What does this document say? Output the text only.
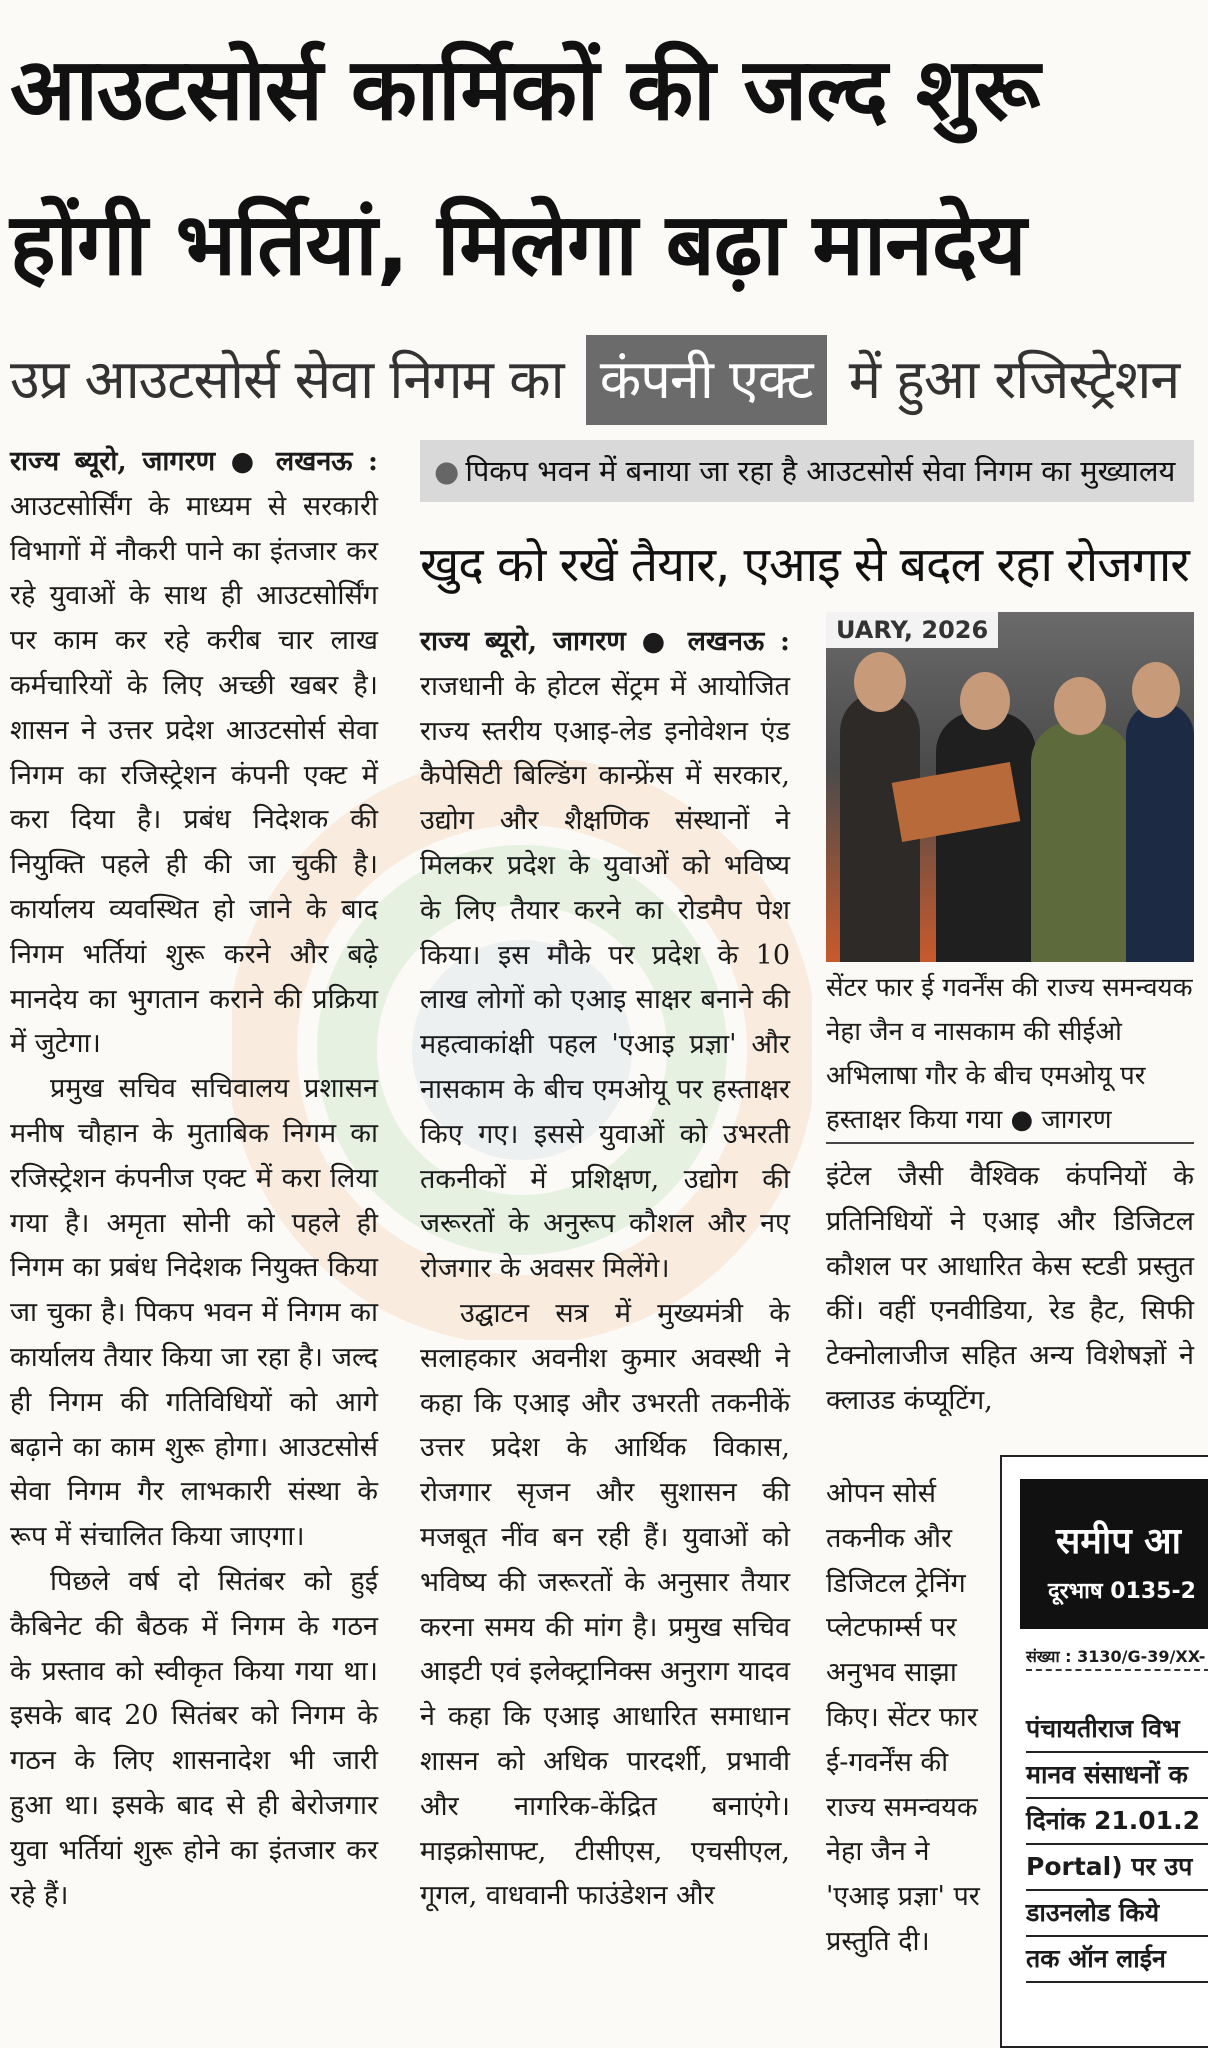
आउटसोर्स कार्मिकों की जल्द शुरू
होंगी भर्तियां, मिलेगा बढ़ा मानदेय
उप्र आउटसोर्स सेवा निगम का कंपनी एक्ट में हुआ रजिस्ट्रेशन

राज्य ब्यूरो, जागरण ● लखनऊ : आउटसोर्सिंग के माध्यम से सरकारी विभागों में नौकरी पाने का इंतजार कर रहे युवाओं के साथ ही आउटसोर्सिंग पर काम कर रहे करीब चार लाख कर्मचारियों के लिए अच्छी खबर है। शासन ने उत्तर प्रदेश आउटसोर्स सेवा निगम का रजिस्ट्रेशन कंपनी एक्ट में करा दिया है। प्रबंध निदेशक की नियुक्ति पहले ही की जा चुकी है। कार्यालय व्यवस्थित हो जाने के बाद निगम भर्तियां शुरू करने और बढ़े मानदेय का भुगतान कराने की प्रक्रिया में जुटेगा।

प्रमुख सचिव सचिवालय प्रशासन मनीष चौहान के मुताबिक निगम का रजिस्ट्रेशन कंपनीज एक्ट में करा लिया गया है। अमृता सोनी को पहले ही निगम का प्रबंध निदेशक नियुक्त किया जा चुका है। पिकप भवन में निगम का कार्यालय तैयार किया जा रहा है। जल्द ही निगम की गतिविधियों को आगे बढ़ाने का काम शुरू होगा। आउटसोर्स सेवा निगम गैर लाभकारी संस्था के रूप में संचालित किया जाएगा।

पिछले वर्ष दो सितंबर को हुई कैबिनेट की बैठक में निगम के गठन के प्रस्ताव को स्वीकृत किया गया था। इसके बाद 20 सितंबर को निगम के गठन के लिए शासनादेश भी जारी हुआ था। इसके बाद से ही बेरोजगार युवा भर्तियां शुरू होने का इंतजार कर रहे हैं।

● पिकप भवन में बनाया जा रहा है आउटसोर्स सेवा निगम का मुख्यालय
खुद को रखें तैयार, एआइ से बदल रहा रोजगार

राज्य ब्यूरो, जागरण ● लखनऊ : राजधानी के होटल सेंट्रम में आयोजित राज्य स्तरीय एआइ-लेड इनोवेशन एंड कैपेसिटी बिल्डिंग कान्फ्रेंस में सरकार, उद्योग और शैक्षणिक संस्थानों ने मिलकर प्रदेश के युवाओं को भविष्य के लिए तैयार करने का रोडमैप पेश किया। इस मौके पर प्रदेश के 10 लाख लोगों को एआइ साक्षर बनाने की महत्वाकांक्षी पहल 'एआइ प्रज्ञा' और नासकाम के बीच एमओयू पर हस्ताक्षर किए गए। इससे युवाओं को उभरती तकनीकों में प्रशिक्षण, उद्योग की जरूरतों के अनुरूप कौशल और नए रोजगार के अवसर मिलेंगे।

उद्घाटन सत्र में मुख्यमंत्री के सलाहकार अवनीश कुमार अवस्थी ने कहा कि एआइ और उभरती तकनीकें उत्तर प्रदेश के आर्थिक विकास, रोजगार सृजन और सुशासन की मजबूत नींव बन रही हैं। युवाओं को भविष्य की जरूरतों के अनुसार तैयार करना समय की मांग है। प्रमुख सचिव आइटी एवं इलेक्ट्रानिक्स अनुराग यादव ने कहा कि एआइ आधारित समाधान शासन को अधिक पारदर्शी, प्रभावी और नागरिक-केंद्रित बनाएंगे। माइक्रोसाफ्ट, टीसीएस, एचसीएल, गूगल, वाधवानी फाउंडेशन और

UARY, 2026
सेंटर फार ई गवर्नेंस की राज्य समन्वयक नेहा जैन व नासकाम की सीईओ अभिलाषा गौर के बीच एमओयू पर हस्ताक्षर किया गया ● जागरण
इंटेल जैसी वैश्विक कंपनियों के प्रतिनिधियों ने एआइ और डिजिटल कौशल पर आधारित केस स्टडी प्रस्तुत कीं। वहीं एनवीडिया, रेड हैट, सिफी टेक्नोलाजीज सहित अन्य विशेषज्ञों ने क्लाउड कंप्यूटिंग,
ओपन सोर्स तकनीक और डिजिटल ट्रेनिंग प्लेटफार्म्स पर अनुभव साझा किए। सेंटर फार ई-गवर्नेंस की राज्य समन्वयक नेहा जैन ने 'एआइ प्रज्ञा' पर प्रस्तुति दी।
समीप आ
दूरभाष 0135-2
संख्या : 3130/G-39/XX-
पंचायतीराज विभ
मानव संसाधनों क
दिनांक 21.01.2
Portal) पर उप
डाउनलोड किये
तक ऑन लाईन
